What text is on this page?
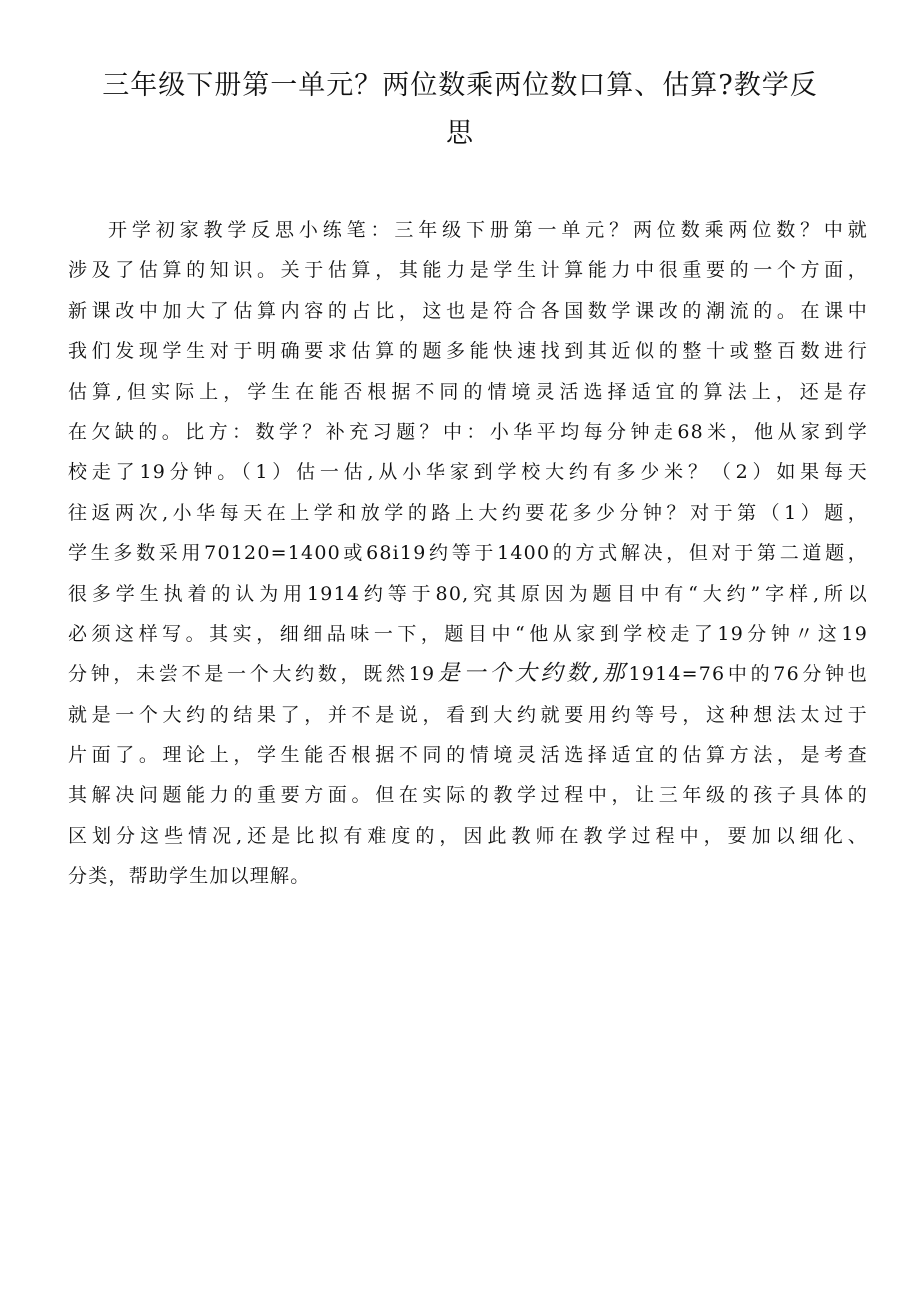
三年级下册第一单元？两位数乘两位数口算、估算?教学反
思
开学初家教学反思小练笔：三年级下册第一单元？两位数乘两位数？中就
涉及了估算的知识。关于估算，其能力是学生计算能力中很重要的一个方面，
新课改中加大了估算内容的占比，这也是符合各国数学课改的潮流的。在课中
我们发现学生对于明确要求估算的题多能快速找到其近似的整十或整百数进行
估算,但实际上，学生在能否根据不同的情境灵活选择适宜的算法上，还是存
在欠缺的。比方：数学？补充习题？中：小华平均每分钟走68米，他从家到学
校走了19分钟。（1）估一估,从小华家到学校大约有多少米？（2）如果每天
往返两次,小华每天在上学和放学的路上大约要花多少分钟？对于第（1）题，
学生多数采用70120=1400或68i19约等于1400的方式解决，但对于第二道题，
很多学生执着的认为用1914约等于80,究其原因为题目中有“大约”字样,所以
必须这样写。其实，细细品味一下，题目中“他从家到学校走了19分钟〃这19
分钟，未尝不是一个大约数，既然19是一个大约数,那1914=76中的76分钟也
就是一个大约的结果了，并不是说，看到大约就要用约等号，这种想法太过于
片面了。理论上，学生能否根据不同的情境灵活选择适宜的估算方法，是考查
其解决问题能力的重要方面。但在实际的教学过程中，让三年级的孩子具体的
区划分这些情况,还是比拟有难度的，因此教师在教学过程中，要加以细化、
分类，帮助学生加以理解。
